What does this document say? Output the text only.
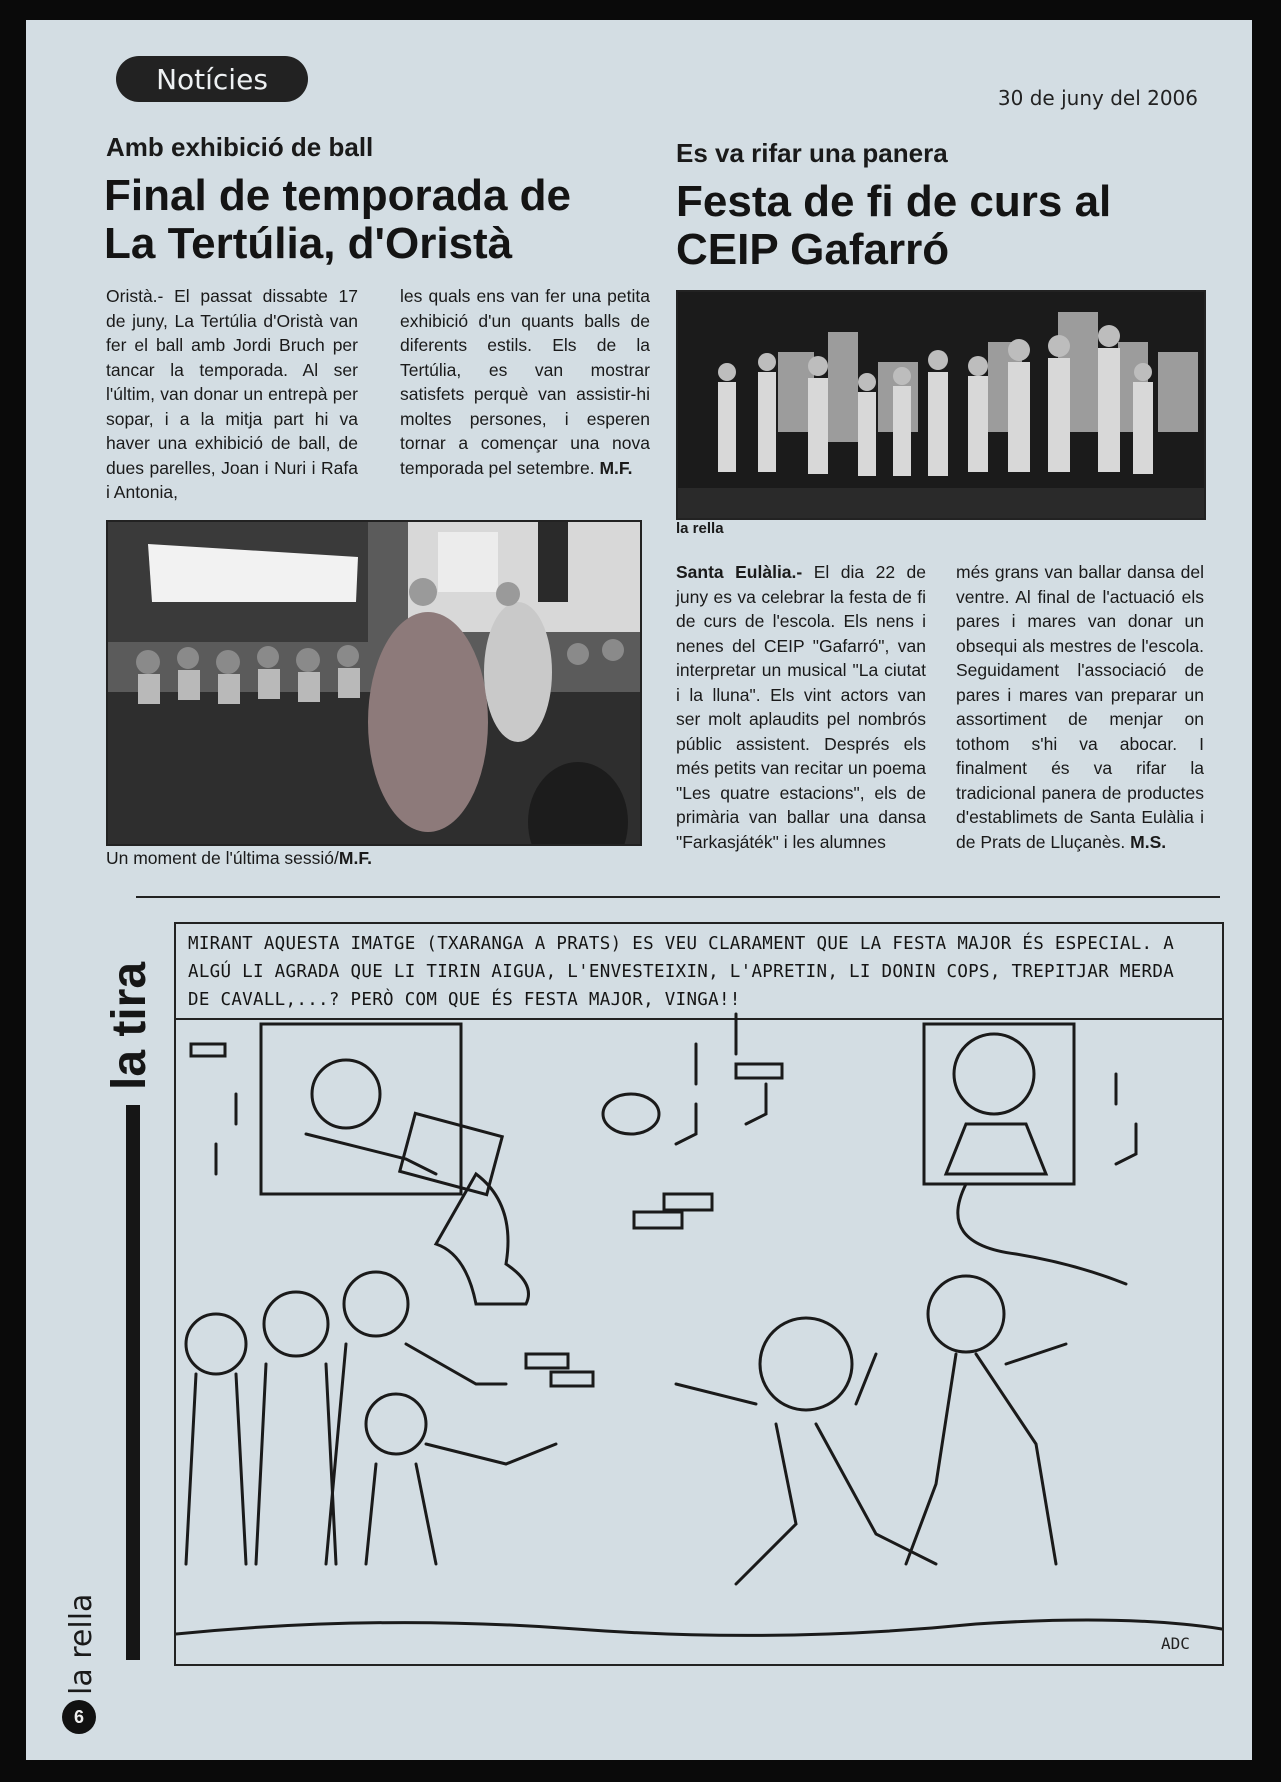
Notícies
30 de juny del 2006
Amb exhibició de ball
Final de temporada de
La Tertúlia, d'Oristà

Oristà.- El passat dissabte 17 de juny, La Tertúlia d'Oristà van fer el ball amb Jordi Bruch per tancar la temporada. Al ser l'últim, van donar un entrepà per sopar, i a la mitja part hi va haver una exhibició de ball, de dues parelles, Joan i Nuri i Rafa i Antonia,

les quals ens van fer una petita exhibició d'un quants balls de diferents estils. Els de la Tertúlia, es van mostrar satisfets perquè van assistir-hi moltes persones, i esperen tornar a començar una nova temporada pel setembre. M.F.

Un moment de l'última sessió/M.F.
Es va rifar una panera
Festa de fi de curs al
CEIP Gafarró
la rella

Santa Eulàlia.- El dia 22 de juny es va celebrar la festa de fi de curs de l'escola. Els nens i nenes del CEIP "Gafarró", van interpretar un musical "La ciutat i la lluna". Els vint actors van ser molt aplaudits pel nombrós públic assistent. Després els més petits van recitar un poema "Les quatre estacions", els de primària van ballar una dansa "Farkasjáték" i les alumnes

més grans van ballar dansa del ventre. Al final de l'actuació els pares i mares van donar un obsequi als mestres de l'escola. Seguidament l'associació de pares i mares van preparar un assortiment de menjar on tothom s'hi va abocar. I finalment és va rifar la tradicional panera de productes d'establimets de Santa Eulàlia i de Prats de Lluçanès. M.S.

la tira
MIRANT AQUESTA IMATGE (TXARANGA A PRATS) ES VEU CLARAMENT QUE LA FESTA MAJOR ÉS ESPECIAL. A ALGÚ LI AGRADA QUE LI TIRIN AIGUA, L'ENVESTEIXIN, L'APRETIN, LI DONIN COPS, TREPITJAR MERDA DE CAVALL,...? PERÒ COM QUE ÉS FESTA MAJOR, VINGA!!
ADC
la rella
6
